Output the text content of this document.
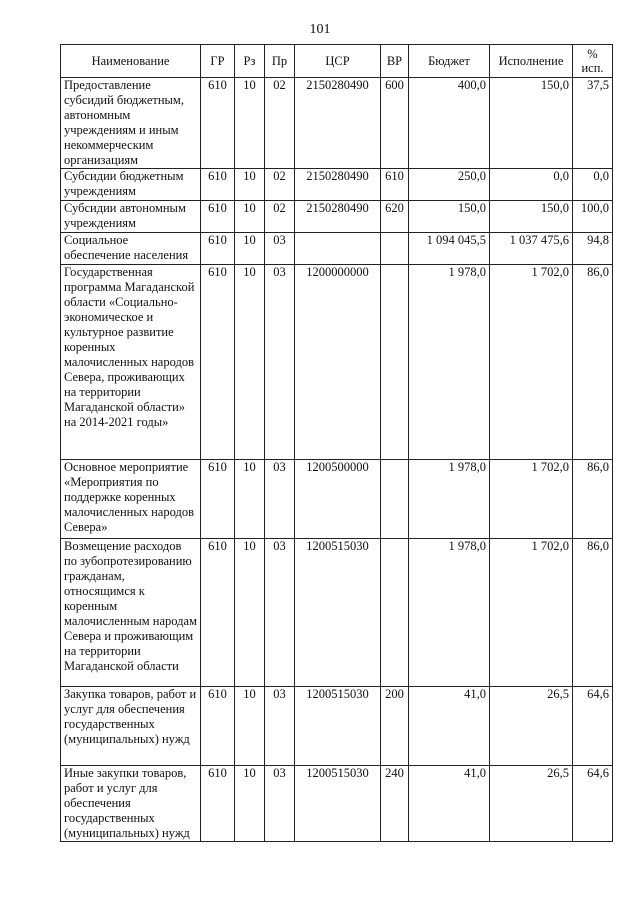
101
Наименование	ГР	Рз	Пр	ЦСР	ВР	Бюджет	Исполнение	%
исп.
Предоставление субсидий бюджетным, автономным учреждениям и иным некоммерческим организациям	610	10	02	2150280490	600	400,0	150,0	37,5
Субсидии бюджетным учреждениям	610	10	02	2150280490	610	250,0	0,0	0,0
Субсидии автономным учреждениям	610	10	02	2150280490	620	150,0	150,0	100,0
Социальное обеспечение населения	610	10	03			1 094 045,5	1 037 475,6	94,8
Государственная программа Магаданской области «Социально-экономическое и культурное развитие коренных малочисленных народов Севера, проживающих на территории Магаданской области» на 2014-2021 годы»	610	10	03	1200000000		1 978,0	1 702,0	86,0
Основное мероприятие «Мероприятия по поддержке коренных малочисленных народов Севера»	610	10	03	1200500000		1 978,0	1 702,0	86,0
Возмещение расходов по зубопротезированию гражданам, относящимся к коренным малочисленным народам Севера и проживающим на территории Магаданской области	610	10	03	1200515030		1 978,0	1 702,0	86,0
Закупка товаров, работ и услуг для обеспечения государственных (муниципальных) нужд	610	10	03	1200515030	200	41,0	26,5	64,6
Иные закупки товаров, работ и услуг для обеспечения государственных (муниципальных) нужд	610	10	03	1200515030	240	41,0	26,5	64,6
